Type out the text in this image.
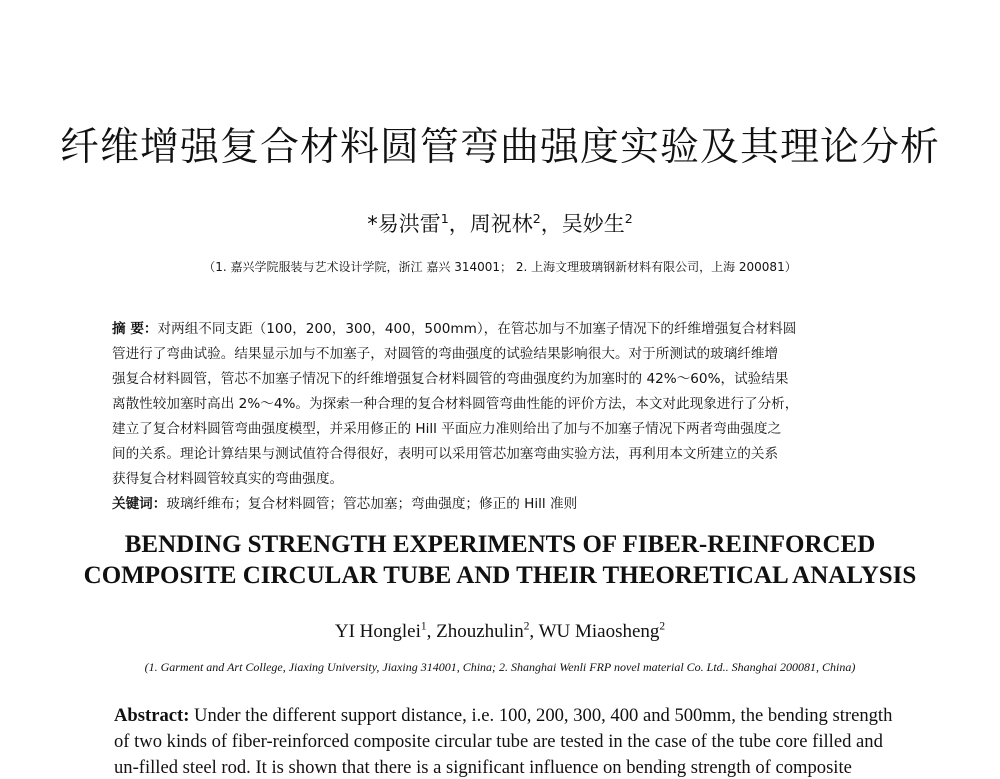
纤维增强复合材料圆管弯曲强度实验及其理论分析
*易洪雷$^1$，周祝林$^2$，吴妙生$^2$
（1. 嘉兴学院服装与艺术设计学院，浙江 嘉兴 314001； 2. 上海文理玻璃钢新材料有限公司，上海 200081）
摘 要：对两组不同支距（100，200，300，400，500mm），在管芯加与不加塞子情况下的纤维增强复合材料圆
管进行了弯曲试验。结果显示加与不加塞子，对圆管的弯曲强度的试验结果影响很大。对于所测试的玻璃纤维增
强复合材料圆管，管芯不加塞子情况下的纤维增强复合材料圆管的弯曲强度约为加塞时的 42%～60%，试验结果
离散性较加塞时高出 2%～4%。为探索一种合理的复合材料圆管弯曲性能的评价方法，本文对此现象进行了分析，
建立了复合材料圆管弯曲强度模型，并采用修正的 Hill 平面应力准则给出了加与不加塞子情况下两者弯曲强度之
间的关系。理论计算结果与测试值符合得很好，表明可以采用管芯加塞弯曲实验方法，再利用本文所建立的关系
获得复合材料圆管较真实的弯曲强度。
关键词：玻璃纤维布；复合材料圆管；管芯加塞；弯曲强度；修正的 Hill 准则
BENDING STRENGTH EXPERIMENTS OF FIBER-REINFORCED
COMPOSITE CIRCULAR TUBE AND THEIR THEORETICAL ANALYSIS
YI Honglei$^1$, Zhouzhulin$^2$, WU Miaosheng$^2$
(1. Garment and Art College, Jiaxing University, Jiaxing 314001, China; 2. Shanghai Wenli FRP novel material Co. Ltd.. Shanghai 200081, China)
Abstract: Under the different support distance, i.e. 100, 200, 300, 400 and 500mm, the bending strength
of two kinds of fiber-reinforced composite circular tube are tested in the case of the tube core filled and
un-filled steel rod. It is shown that there is a significant influence on bending strength of composite
